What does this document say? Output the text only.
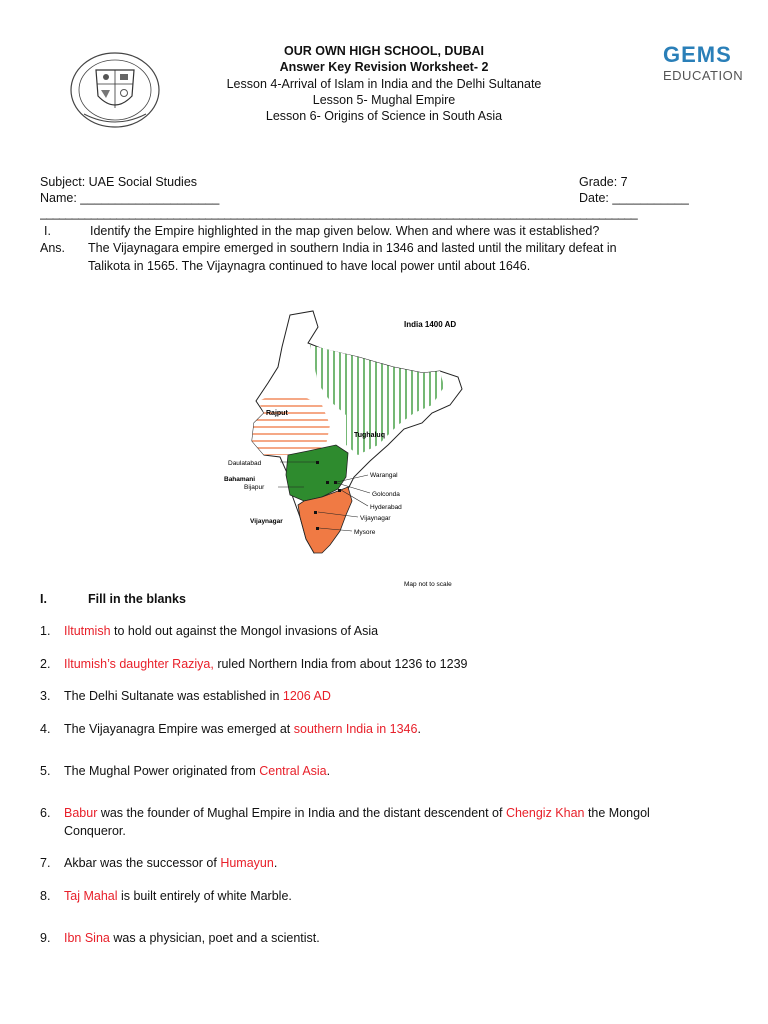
GEMS
EDUCATION
OUR OWN HIGH SCHOOL, DUBAI
Answer Key Revision Worksheet- 2
Lesson 4-Arrival of Islam in India and the Delhi Sultanate
Lesson 5- Mughal Empire
Lesson 6- Origins of Science in South Asia
Subject: UAE Social Studies	Grade: 7
Name: ____________________	Date: ___________
______________________________________________________________________________________________
I.	Identify the Empire highlighted in the map given below. When and where was it established?
Ans. The Vijaynagara empire emerged in southern India in 1346 and lasted until the military defeat in
Talikota in 1565. The Vijaynagra continued to have local power until about 1646.
India 1400 AD
Rajput
Tughaluq
Daulatabad
Bahamani
Bijapur
Vijaynagar
Warangal
Golconda
Hyderabad
Vijaynagar
Mysore
Map not to scale
I.	Fill in the blanks
1. Iltutmish to hold out against the Mongol invasions of Asia
2. Iltumish’s daughter Raziya, ruled Northern India from about 1236 to 1239
3. The Delhi Sultanate was established in 1206 AD
4. The Vijayanagra Empire was emerged at southern India in 1346.
5. The Mughal Power originated from Central Asia.
6. Babur was the founder of Mughal Empire in India and the distant descendent of Chengiz Khan the Mongol
Conqueror.
7. Akbar was the successor of Humayun.
8. Taj Mahal is built entirely of white Marble.
9. Ibn Sina was a physician, poet and a scientist.
